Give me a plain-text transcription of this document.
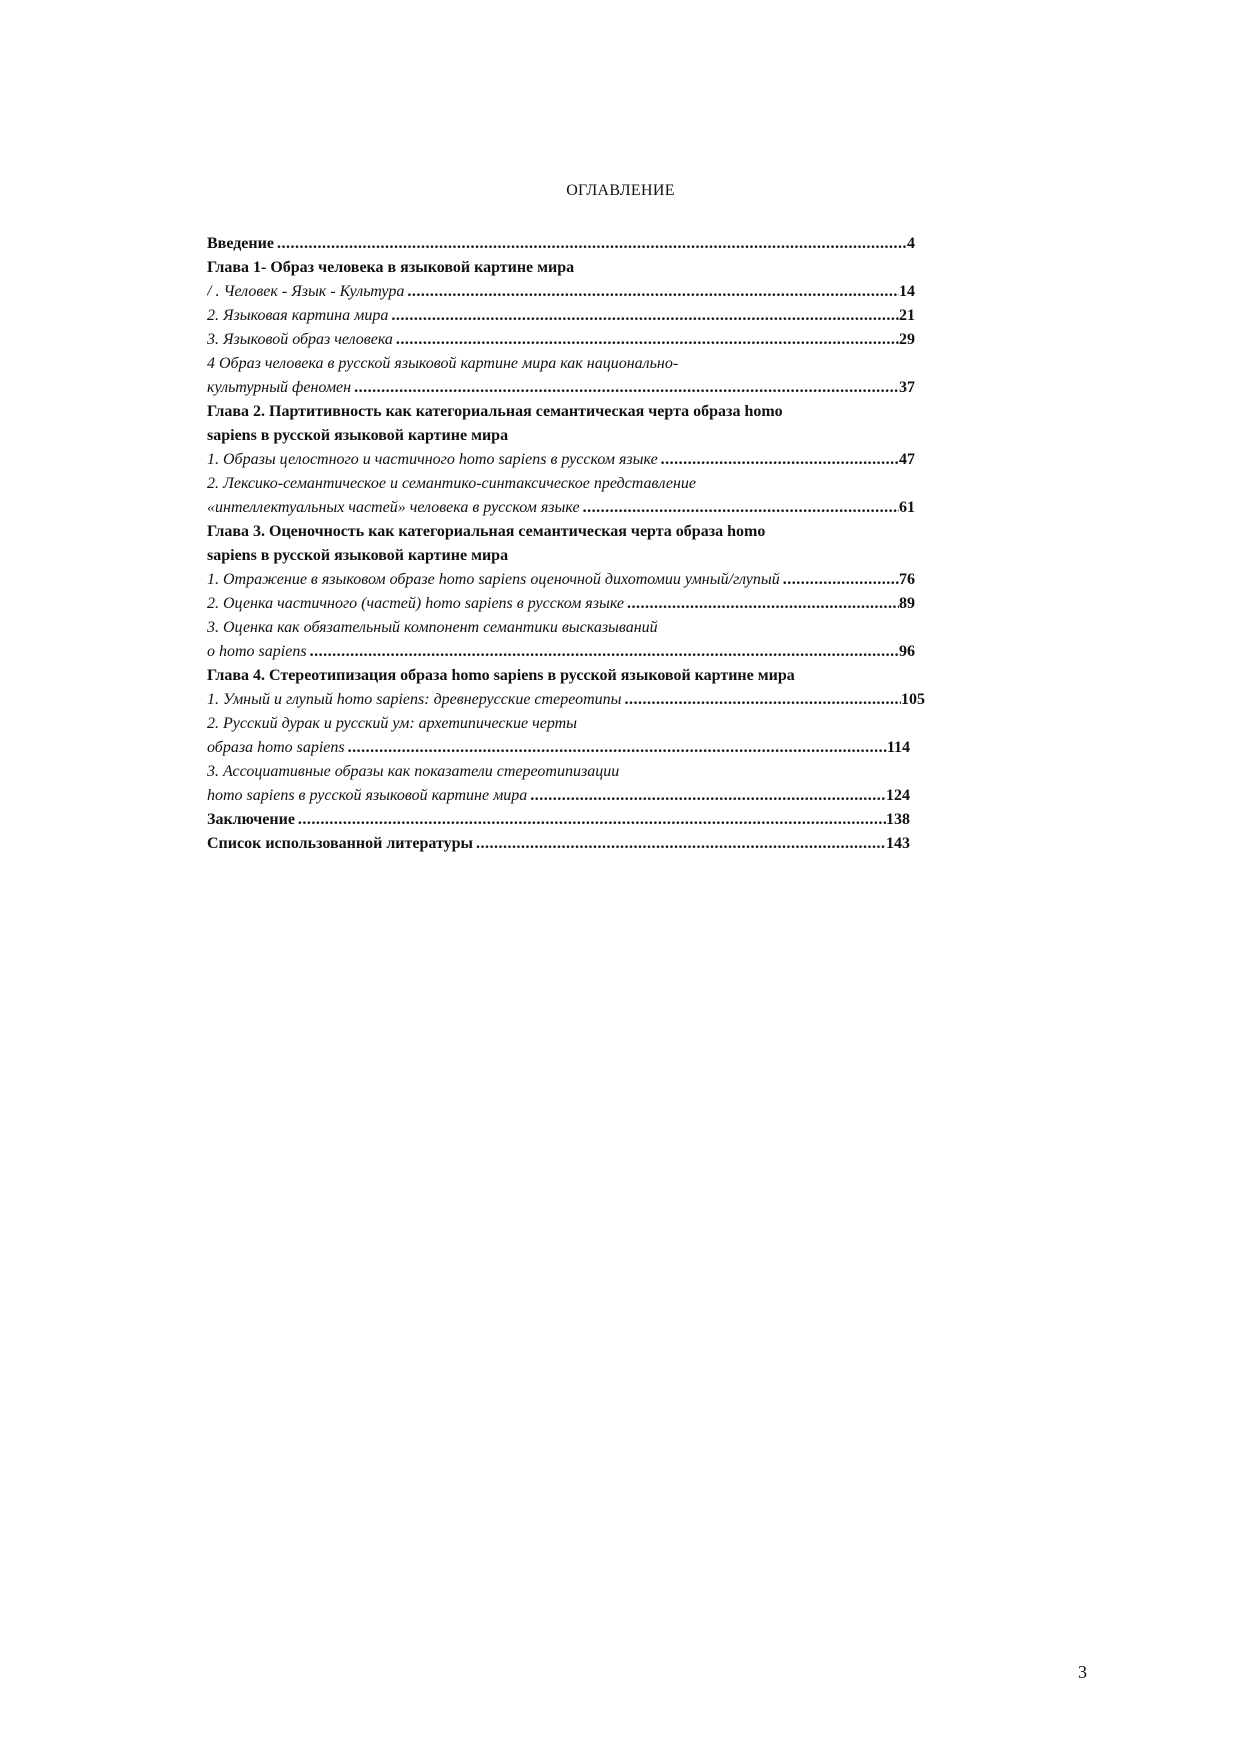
ОГЛАВЛЕНИЕ
Введение .....	4
Глава 1- Образ человека в языковой картине мира
/ . Человек - Язык - Культура .....	14
2. Языковая картина мира .....	21
3. Языковой образ человека .....	29
4 Образ человека в русской языковой картине мира как национально-
культурный феномен .....	37
Глава 2. Партитивность как категориальная семантическая черта образа homo
sapiens в русской языковой картине мира
1. Образы целостного и частичного homo sapiens в русском языке .....	47
2. Лексико-семантическое и семантико-синтаксическое представление
«интеллектуальных частей» человека в русском языке .....	61
Глава 3. Оценочность как категориальная семантическая черта образа homo
sapiens в русской языковой картине мира
1. Отражение в языковом образе homo sapiens оценочной дихотомии умный/глупый .....	76
2. Оценка частичного (частей) homo sapiens в русском языке .....	89
3. Оценка как обязательный компонент семантики высказываний
о homo sapiens .....	96
Глава 4. Стереотипизация образа homo sapiens в русской языковой картине мира
1. Умный и глупый homo sapiens: древнерусские стереотипы .....	105
2. Русский дурак и русский ум: архетипические черты
образа homo sapiens .....	114
3. Ассоциативные образы как показатели стереотипизации
homo sapiens в русской языковой картине мира .....	124
Заключение .....	138
Список использованной литературы .....	143
3
